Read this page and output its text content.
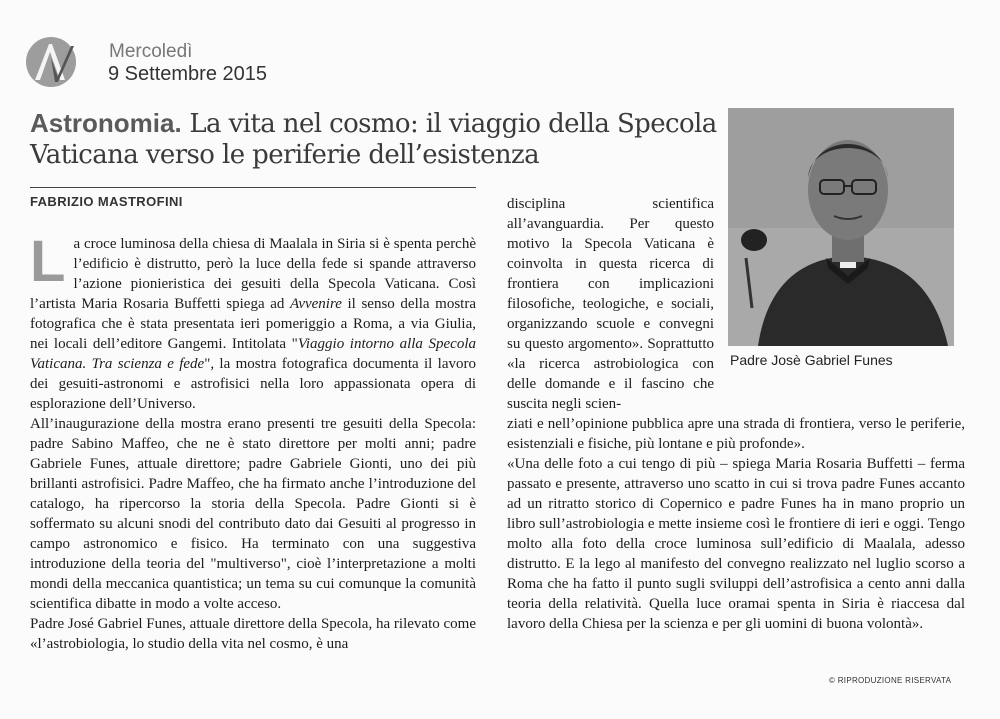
Mercoledì
9 Settembre 2015
Astronomia. La vita nel cosmo: il viaggio della Specola Vaticana verso le periferie dell’esistenza
FABRIZIO MASTROFINI

La croce luminosa della chiesa di Maalala in Siria si è spenta perchè l’edificio è distrutto, però la luce della fede si spande attraverso l’azione pionieristica dei gesuiti della Specola Vaticana. Così l’artista Maria Rosaria Buffetti spiega ad Avvenire il senso della mostra fotografica che è stata presentata ieri pomeriggio a Roma, a via Giulia, nei locali dell’editore Gangemi. Intitolata "Viaggio intorno alla Specola Vaticana. Tra scienza e fede", la mostra fotografica documenta il lavoro dei gesuiti-astronomi e astrofisici nella loro appassionata opera di esplorazione dell’Universo.

All’inaugurazione della mostra erano presenti tre gesuiti della Specola: padre Sabino Maffeo, che ne è stato direttore per molti anni; padre Gabriele Funes, attuale direttore; padre Gabriele Gionti, uno dei più brillanti astrofisici. Padre Maffeo, che ha firmato anche l’introduzione del catalogo, ha ripercorso la storia della Specola. Padre Gionti si è soffermato su alcuni snodi del contributo dato dai Gesuiti al progresso in campo astronomico e fisico. Ha terminato con una suggestiva introduzione della teoria del "multiverso", cioè l’interpretazione a molti mondi della meccanica quantistica; un tema su cui comunque la comunità scientifica dibatte in modo a volte acceso.

Padre José Gabriel Funes, attuale direttore della Specola, ha rilevato come «l’astrobiologia, lo studio della vita nel cosmo, è una

disciplina scientifica all’avanguardia. Per questo motivo la Specola Vaticana è coinvolta in questa ricerca di frontiera con implicazioni filosofiche, teologiche, e sociali, organizzando scuole e convegni su questo argomento». Soprattutto «la ricerca astrobiologica con delle domande e il fascino che suscita negli scien-

Padre Josè Gabriel Funes

ziati e nell’opinione pubblica apre una strada di frontiera, verso le periferie, esistenziali e fisiche, più lontane e più profonde».

«Una delle foto a cui tengo di più – spiega Maria Rosaria Buffetti – ferma passato e presente, attraverso uno scatto in cui si trova padre Funes accanto ad un ritratto storico di Copernico e padre Funes ha in mano proprio un libro sull’astrobiologia e mette insieme così le frontiere di ieri e oggi. Tengo molto alla foto della croce luminosa sull’edificio di Maalala, adesso distrutto. E la lego al manifesto del convegno realizzato nel luglio scorso a Roma che ha fatto il punto sugli sviluppi dell’astrofisica a cento anni dalla teoria della relatività. Quella luce oramai spenta in Siria è riaccesa dal lavoro della Chiesa per la scienza e per gli uomini di buona volontà».

© RIPRODUZIONE RISERVATA
